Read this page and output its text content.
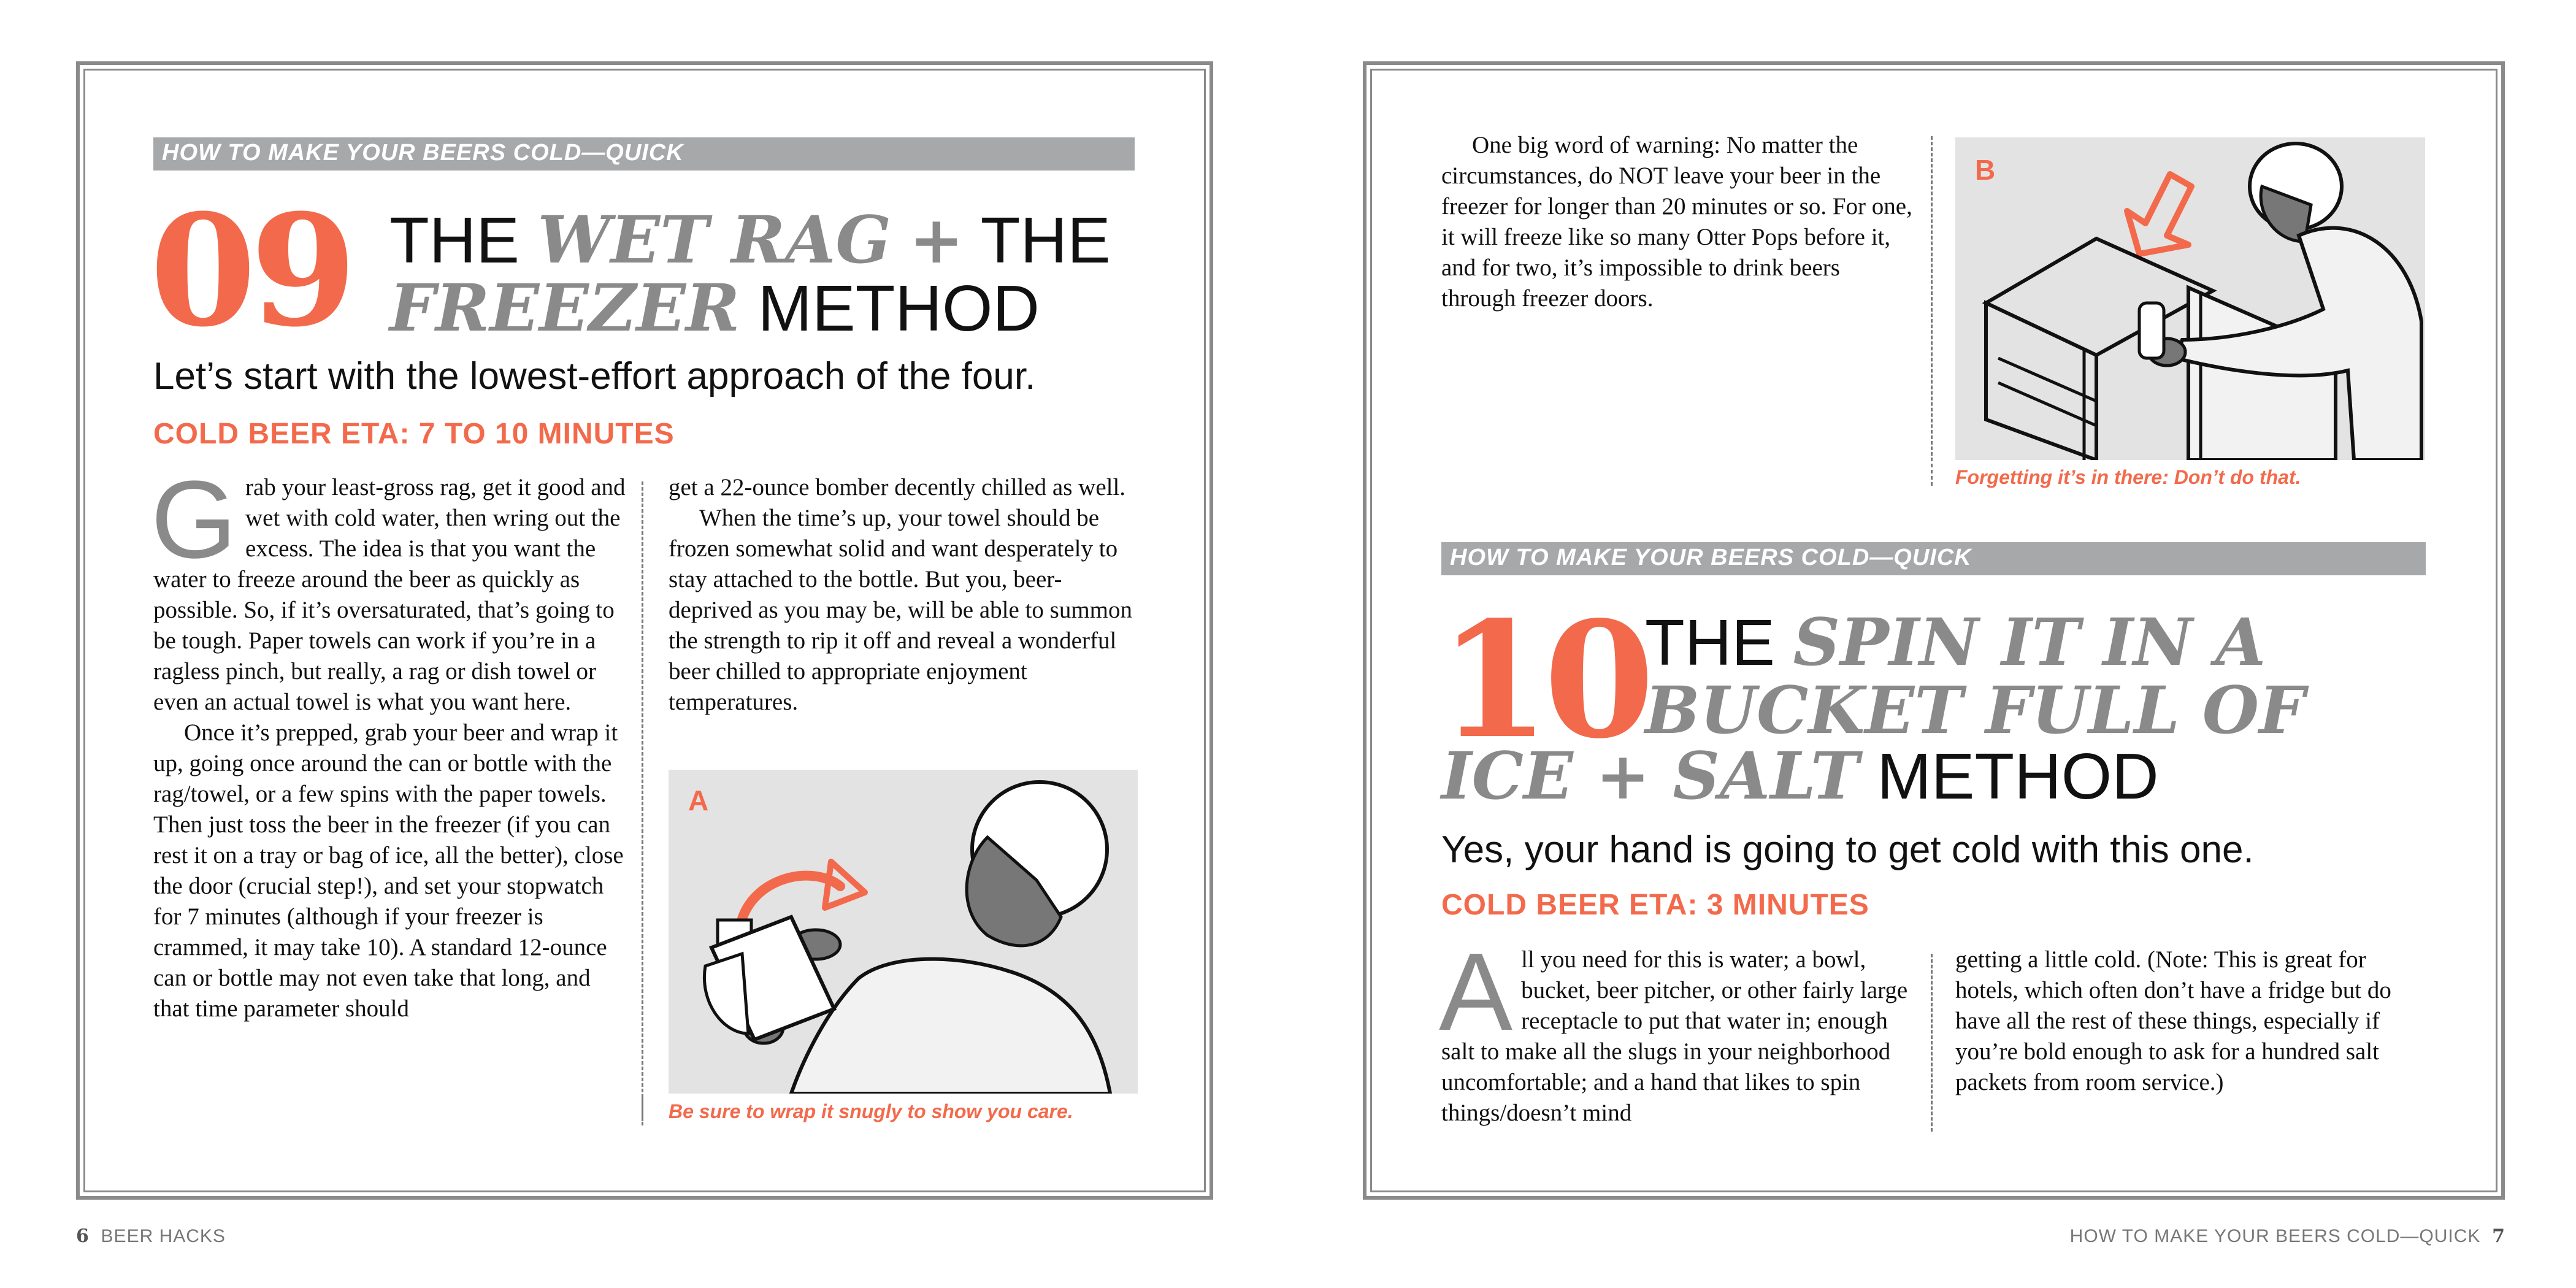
HOW TO MAKE YOUR BEERS COLD—QUICK
09 THE WET RAG + THE
FREEZER METHOD
Let’s start with the lowest-effort approach of the four.
COLD BEER ETA: 7 TO 10 MINUTES

Grab your least-gross rag, get it good and wet with cold water, then wring out the excess. The idea is that you want the water to freeze around the beer as quickly as possible. So, if it’s oversaturated, that’s going to be tough. Paper towels can work if you’re in a ragless pinch, but really, a rag or dish towel or even an actual towel is what you want here.

Once it’s prepped, grab your beer and wrap it up, going once around the can or bottle with the rag/towel, or a few spins with the paper towels. Then just toss the beer in the freezer (if you can rest it on a tray or bag of ice, all the better), close the door (crucial step!), and set your stopwatch for 7 minutes (although if your freezer is crammed, it may take 10). A standard 12-ounce can or bottle may not even take that long, and that time parameter should

get a 22-ounce bomber decently chilled as well.

When the time’s up, your towel should be frozen somewhat solid and want desperately to stay attached to the bottle. But you, beer-deprived as you may be, will be able to summon the strength to rip it off and reveal a wonderful beer chilled to appropriate enjoyment temperatures.

A
Be sure to wrap it snugly to show you care.

One big word of warning: No matter the circumstances, do NOT leave your beer in the freezer for longer than 20 minutes or so. For one, it will freeze like so many Otter Pops before it, and for two, it’s impossible to drink beers through freezer doors.

B
Forgetting it’s in there: Don’t do that.
HOW TO MAKE YOUR BEERS COLD—QUICK
10
THE SPIN IT IN A
BUCKET FULL OF
ICE + SALT METHOD
Yes, your hand is going to get cold with this one.
COLD BEER ETA: 3 MINUTES

All you need for this is water; a bowl, bucket, beer pitcher, or other fairly large receptacle to put that water in; enough salt to make all the slugs in your neighborhood uncomfortable; and a hand that likes to spin things/doesn’t mind

getting a little cold. (Note: This is great for hotels, which often don’t have a fridge but do have all the rest of these things, especially if you’re bold enough to ask for a hundred salt packets from room service.)

6 BEER HACKS	HOW TO MAKE YOUR BEERS COLD—QUICK 7
